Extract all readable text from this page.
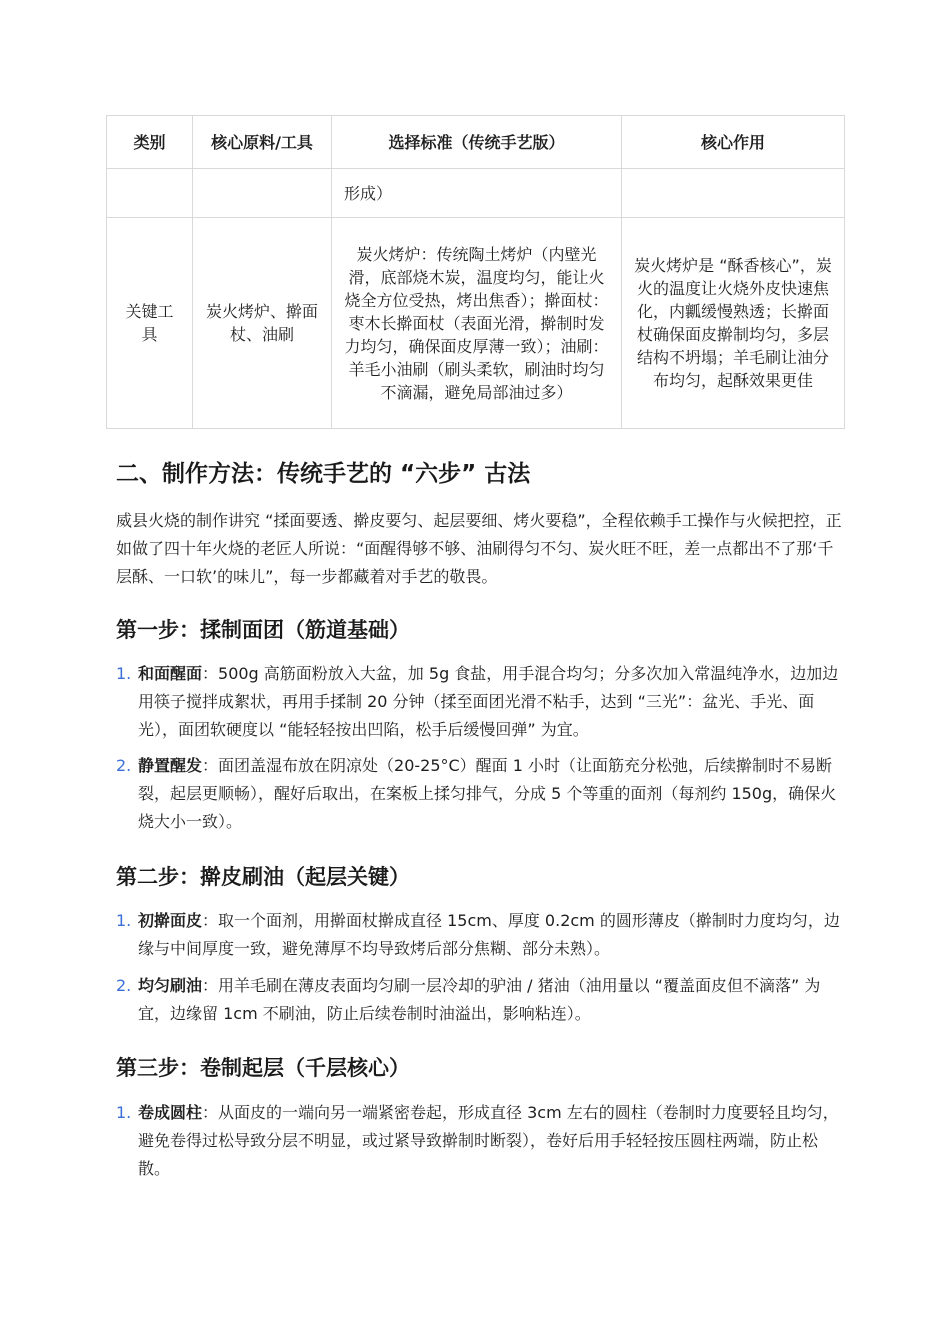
类别	核心原料/工具	选择标准（传统手艺版）	核心作用
		形成）	
关键工具	炭火烤炉、擀面杖、油刷	炭火烤炉：传统陶土烤炉（内壁光滑，底部烧木炭，温度均匀，能让火烧全方位受热，烤出焦香）；擀面杖：枣木长擀面杖（表面光滑，擀制时发力均匀，确保面皮厚薄一致）；油刷：羊毛小油刷（刷头柔软，刷油时均匀不滴漏，避免局部油过多）	炭火烤炉是 “酥香核心”，炭火的温度让火烧外皮快速焦化，内瓤缓慢熟透；长擀面杖确保面皮擀制均匀，多层结构不坍塌；羊毛刷让油分布均匀，起酥效果更佳
二、制作方法：传统手艺的 “六步” 古法

威县火烧的制作讲究 “揉面要透、擀皮要匀、起层要细、烤火要稳”，全程依赖手工操作与火候把控，正如做了四十年火烧的老匠人所说：“面醒得够不够、油刷得匀不匀、炭火旺不旺，差一点都出不了那‘千层酥、一口软’的味儿”，每一步都藏着对手艺的敬畏。

第一步：揉制面团（筋道基础）
1. 和面醒面：500g 高筋面粉放入大盆，加 5g 食盐，用手混合均匀；分多次加入常温纯净水，边加边用筷子搅拌成絮状，再用手揉制 20 分钟（揉至面团光滑不粘手，达到 “三光”：盆光、手光、面光），面团软硬度以 “能轻轻按出凹陷，松手后缓慢回弹” 为宜。
2. 静置醒发：面团盖湿布放在阴凉处（20-25°C）醒面 1 小时（让面筋充分松弛，后续擀制时不易断裂，起层更顺畅），醒好后取出，在案板上揉匀排气，分成 5 个等重的面剂（每剂约 150g，确保火烧大小一致）。
第二步：擀皮刷油（起层关键）
1. 初擀面皮：取一个面剂，用擀面杖擀成直径 15cm、厚度 0.2cm 的圆形薄皮（擀制时力度均匀，边缘与中间厚度一致，避免薄厚不均导致烤后部分焦糊、部分未熟）。
2. 均匀刷油：用羊毛刷在薄皮表面均匀刷一层冷却的驴油 / 猪油（油用量以 “覆盖面皮但不滴落” 为宜，边缘留 1cm 不刷油，防止后续卷制时油溢出，影响粘连）。
第三步：卷制起层（千层核心）
1. 卷成圆柱：从面皮的一端向另一端紧密卷起，形成直径 3cm 左右的圆柱（卷制时力度要轻且均匀，避免卷得过松导致分层不明显，或过紧导致擀制时断裂），卷好后用手轻轻按压圆柱两端，防止松散。
